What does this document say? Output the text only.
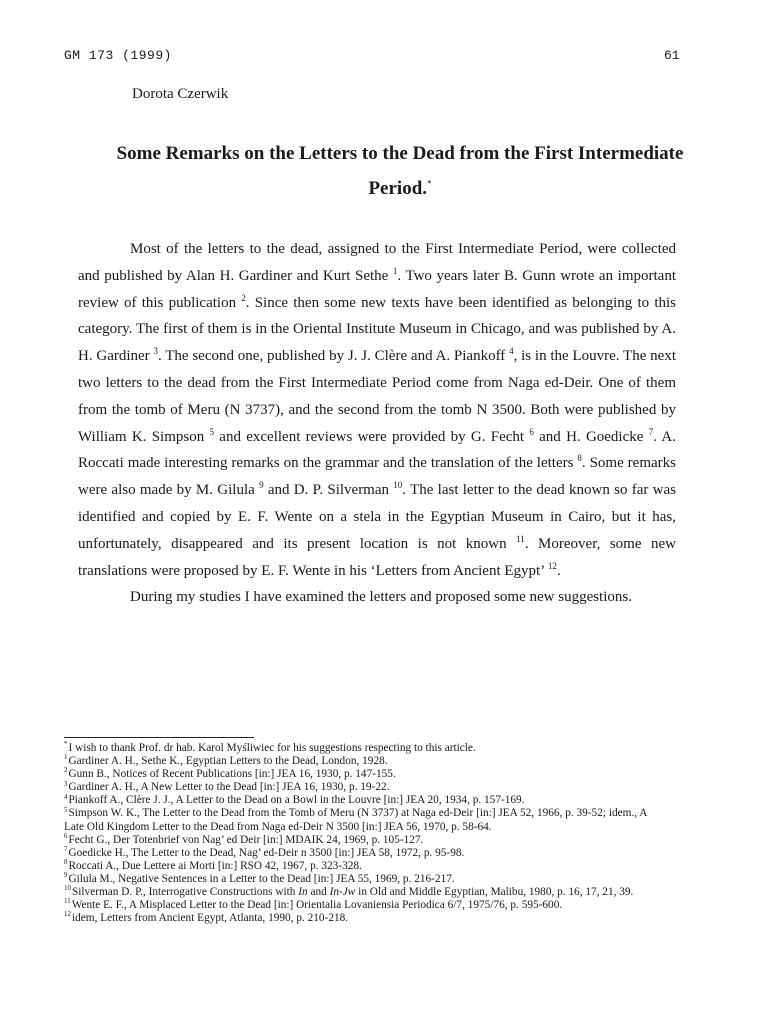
GM 173 (1999)	61
Dorota Czerwik
Some Remarks on the Letters to the Dead from the First Intermediate Period.*

Most of the letters to the dead, assigned to the First Intermediate Period, were collected and published by Alan H. Gardiner and Kurt Sethe $^1$. Two years later B. Gunn wrote an important review of this publication $^2$. Since then some new texts have been identified as belonging to this category. The first of them is in the Oriental Institute Museum in Chicago, and was published by A. H. Gardiner $^3$. The second one, published by J. J. Clère and A. Piankoff $^4$, is in the Louvre. The next two letters to the dead from the First Intermediate Period come from Naga ed-Deir. One of them from the tomb of Meru (N 3737), and the second from the tomb N 3500. Both were published by William K. Simpson $^5$ and excellent reviews were provided by G. Fecht $^6$ and H. Goedicke $^7$. A. Roccati made interesting remarks on the grammar and the translation of the letters $^8$. Some remarks were also made by M. Gilula $^9$ and D. P. Silverman $^{10}$. The last letter to the dead known so far was identified and copied by E. F. Wente on a stela in the Egyptian Museum in Cairo, but it has, unfortunately, disappeared and its present location is not known $^{11}$. Moreover, some new translations were proposed by E. F. Wente in his ‘Letters from Ancient Egypt’ $^{12}$.

During my studies I have examined the letters and proposed some new suggestions.

*I wish to thank Prof. dr hab. Karol Myśliwiec for his suggestions respecting to this article.
$^1$Gardiner A. H., Sethe K., Egyptian Letters to the Dead, London, 1928.
$^2$Gunn B., Notices of Recent Publications [in:] JEA 16, 1930, p. 147-155.
$^3$Gardiner A. H., A New Letter to the Dead [in:] JEA 16, 1930, p. 19-22.
$^4$Piankoff A., Clère J. J., A Letter to the Dead on a Bowl in the Louvre [in:] JEA 20, 1934, p. 157-169.
$^5$Simpson W. K., The Letter to the Dead from the Tomb of Meru (N 3737) at Naga ed-Deir [in:] JEA 52, 1966, p. 39-52; idem., A Late Old Kingdom Letter to the Dead from Naga ed-Deir N 3500 [in:] JEA 56, 1970, p. 58-64.
$^6$Fecht G., Der Totenbrief von Nag’ ed Deir [in:] MDAIK 24, 1969, p. 105-127.
$^7$Goedicke H., The Letter to the Dead, Nag’ ed-Deir n 3500 [in:] JEA 58, 1972, p. 95-98.
$^8$Roccati A., Due Lettere ai Morti [in:] RSO 42, 1967, p. 323-328.
$^9$Gilula M., Negative Sentences in a Letter to the Dead [in:] JEA 55, 1969, p. 216-217.
$^{10}$Silverman D. P., Interrogative Constructions with In and In-Jw in Old and Middle Egyptian, Malibu, 1980, p. 16, 17, 21, 39.
$^{11}$Wente E. F., A Misplaced Letter to the Dead [in:] Orientalia Lovaniensia Periodica 6/7, 1975/76, p. 595-600.
$^{12}$idem, Letters from Ancient Egypt, Atlanta, 1990, p. 210-218.
